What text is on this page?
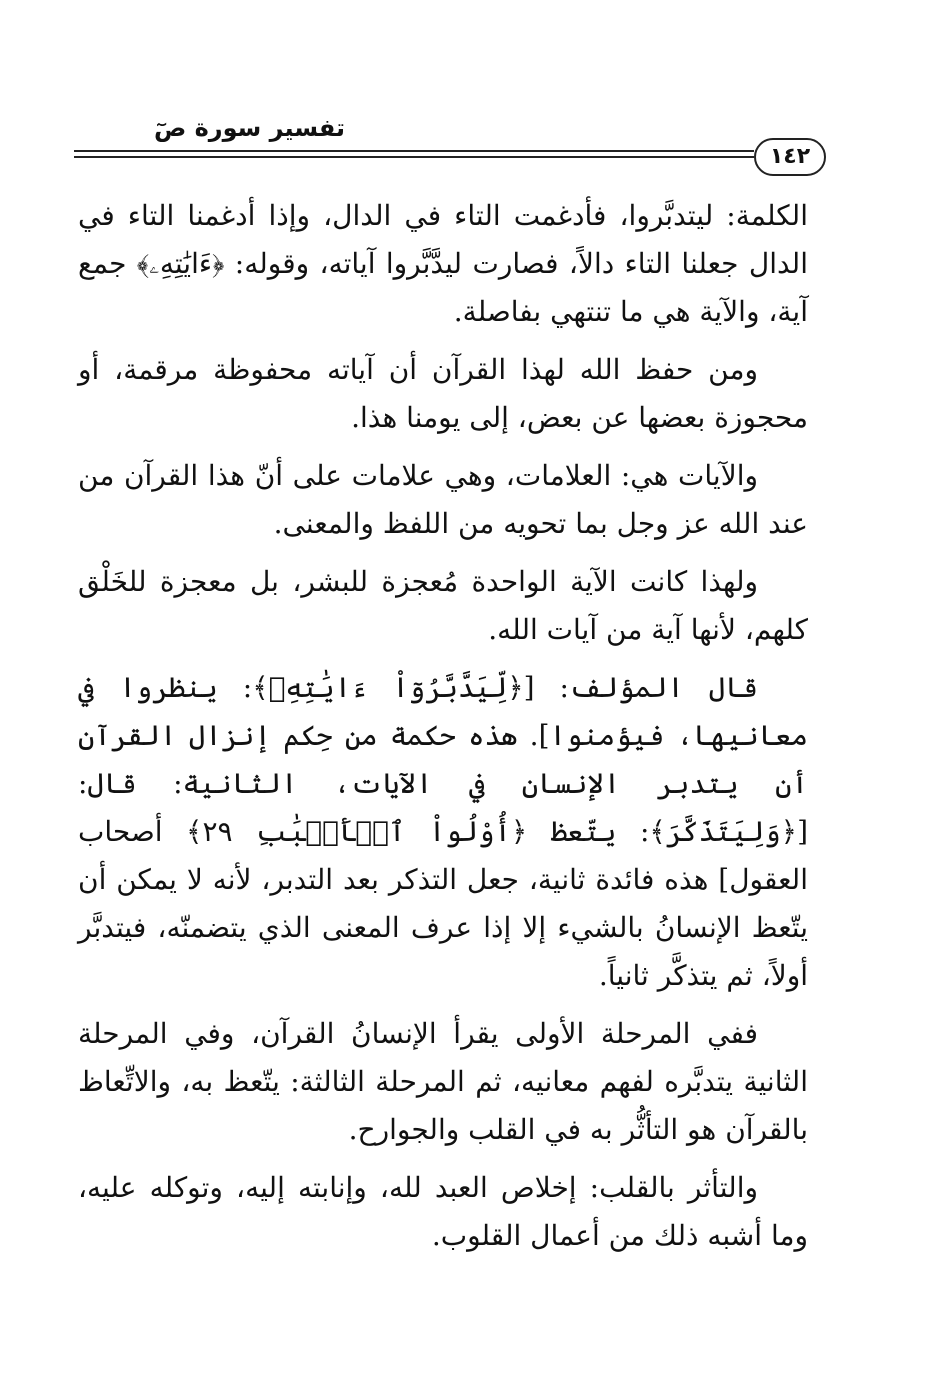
تفسير سورة صٓ
١٤٢

الكلمة: ليتدبَّروا، فأدغمت التاء في الدال، وإذا أدغمنا التاء في الدال جعلنا التاء دالاً، فصارت ليدَّبَّروا آياته، وقوله: ﴿ءَايَٰتِهِۦ﴾ جمع آية، والآية هي ما تنتهي بفاصلة.

ومن حفظ الله لهذا القرآن أن آياته محفوظة مرقمة، أو محجوزة بعضها عن بعض، إلى يومنا هذا.

والآيات هي: العلامات، وهي علامات على أنّ هذا القرآن من عند الله عز وجل بما تحويه من اللفظ والمعنى.

ولهذا كانت الآية الواحدة مُعجزة للبشر، بل معجزة للخَلْق كلهم، لأنها آية من آيات الله.

قال المؤلف: [﴿لِّيَدَّبَّرُوٓاْ ءَايَٰتِهِۦ﴾: ينظروا في معانيها، فيؤمنوا]. هذه حكمة من حِكم إنزال القرآن أن يتدبر الإنسان في الآيات، الثانية: قال: [﴿وَلِيَتَذَكَّرَ﴾: يتّعظ ﴿أُوْلُواْ ٱلۡأَلۡبَٰبِ ٢٩﴾ أصحاب العقول] هذه فائدة ثانية، جعل التذكر بعد التدبر، لأنه لا يمكن أن يتّعظ الإنسانُ بالشيء إلا إذا عرف المعنى الذي يتضمنّه، فيتدبَّر أولاً، ثم يتذكَّر ثانياً.

ففي المرحلة الأولى يقرأ الإنسانُ القرآن، وفي المرحلة الثانية يتدبَّره لفهم معانيه، ثم المرحلة الثالثة: يتّعظ به، والاتِّعاظ بالقرآن هو التأثُّر به في القلب والجوارح.

والتأثر بالقلب: إخلاص العبد لله، وإنابته إليه، وتوكله عليه، وما أشبه ذلك من أعمال القلوب.
